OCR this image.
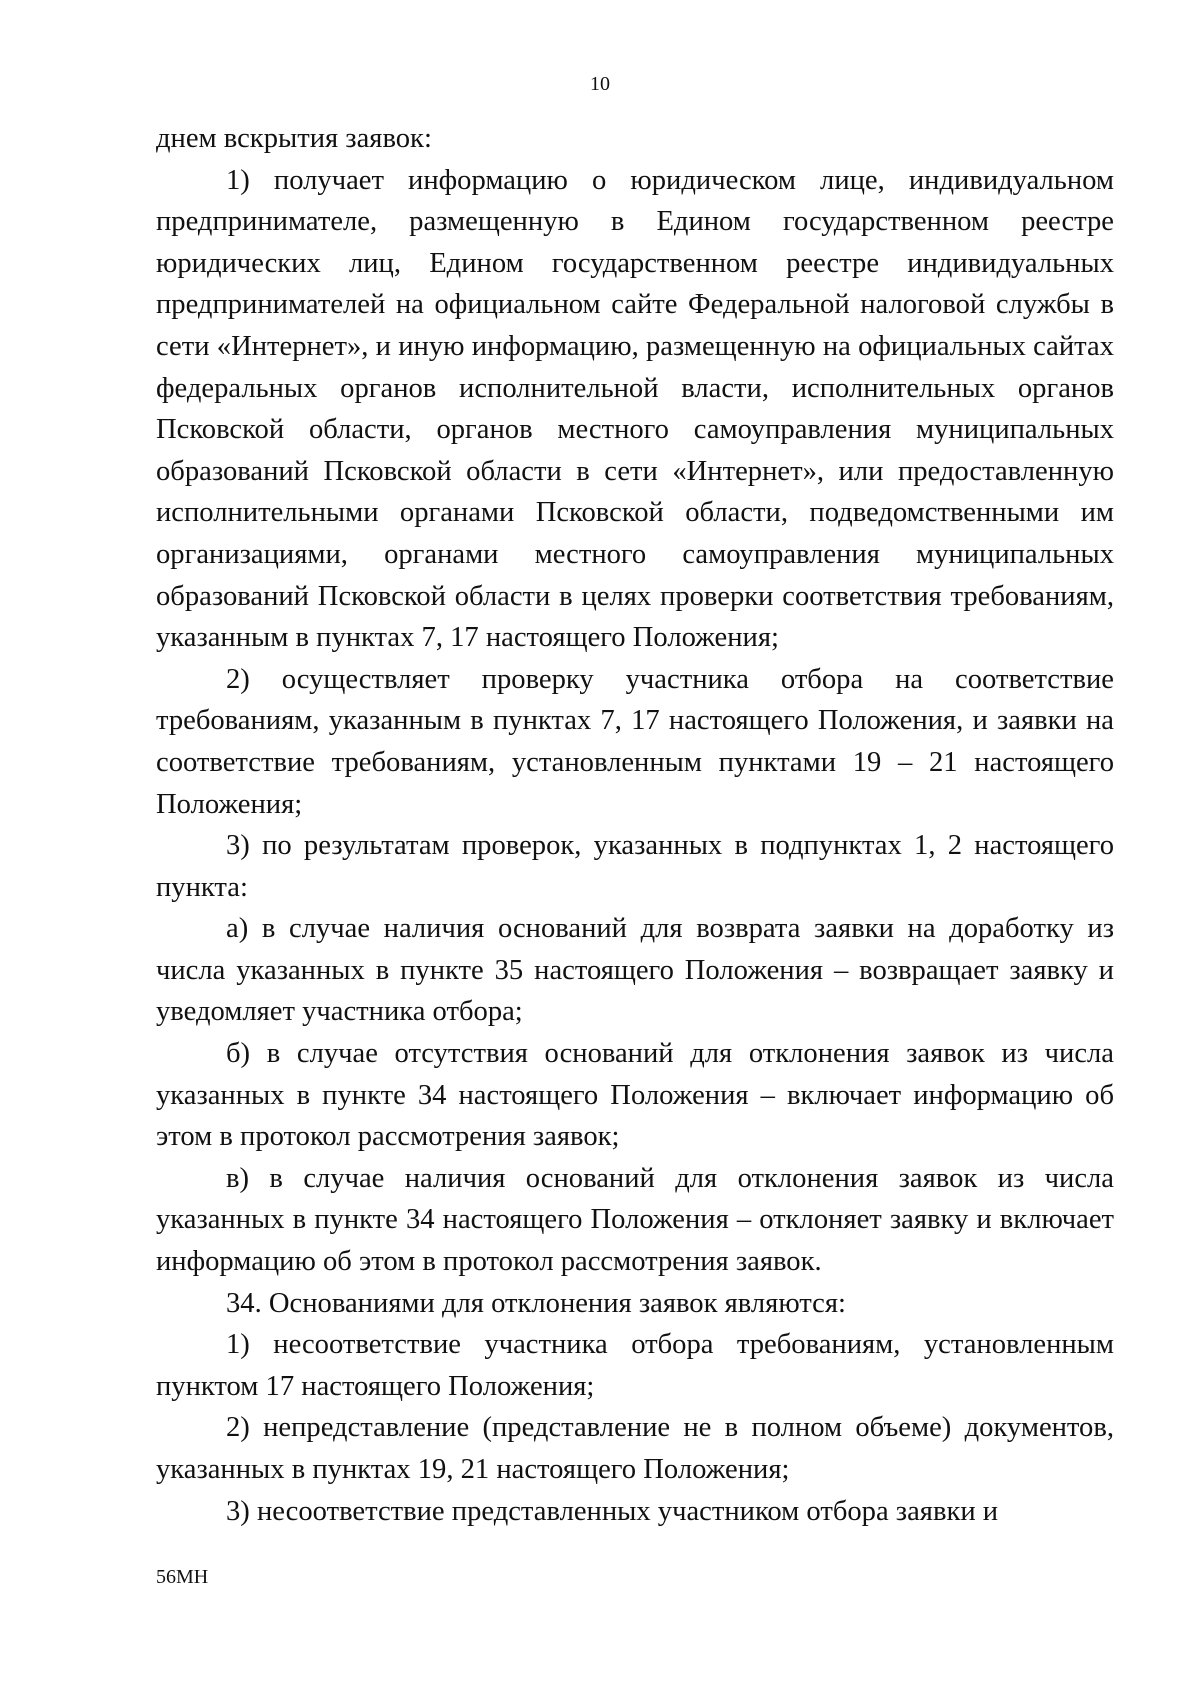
10

днем вскрытия заявок:

1) получает информацию о юридическом лице, индивидуальном предпринимателе, размещенную в Едином государственном реестре юридических лиц, Едином государственном реестре индивидуальных предпринимателей на официальном сайте Федеральной налоговой службы в сети «Интернет», и иную информацию, размещенную на официальных сайтах федеральных органов исполнительной власти, исполнительных органов Псковской области, органов местного самоуправления муниципальных образований Псковской области в сети «Интернет», или предоставленную исполнительными органами Псковской области, подведомственными им организациями, органами местного самоуправления муниципальных образований Псковской области в целях проверки соответствия требованиям, указанным в пунктах 7, 17 настоящего Положения;

2) осуществляет проверку участника отбора на соответствие требованиям, указанным в пунктах 7, 17 настоящего Положения, и заявки на соответствие требованиям, установленным пунктами 19 – 21 настоящего Положения;

3) по результатам проверок, указанных в подпунктах 1, 2 настоящего пункта:

а) в случае наличия оснований для возврата заявки на доработку из числа указанных в пункте 35 настоящего Положения – возвращает заявку и уведомляет участника отбора;

б) в случае отсутствия оснований для отклонения заявок из числа указанных в пункте 34 настоящего Положения – включает информацию об этом в протокол рассмотрения заявок;

в) в случае наличия оснований для отклонения заявок из числа указанных в пункте 34 настоящего Положения – отклоняет заявку и включает информацию об этом в протокол рассмотрения заявок.

34. Основаниями для отклонения заявок являются:

1) несоответствие участника отбора требованиям, установленным пунктом 17 настоящего Положения;

2) непредставление (представление не в полном объеме) документов, указанных в пунктах 19, 21 настоящего Положения;

3) несоответствие представленных участником отбора заявки и

56МН
